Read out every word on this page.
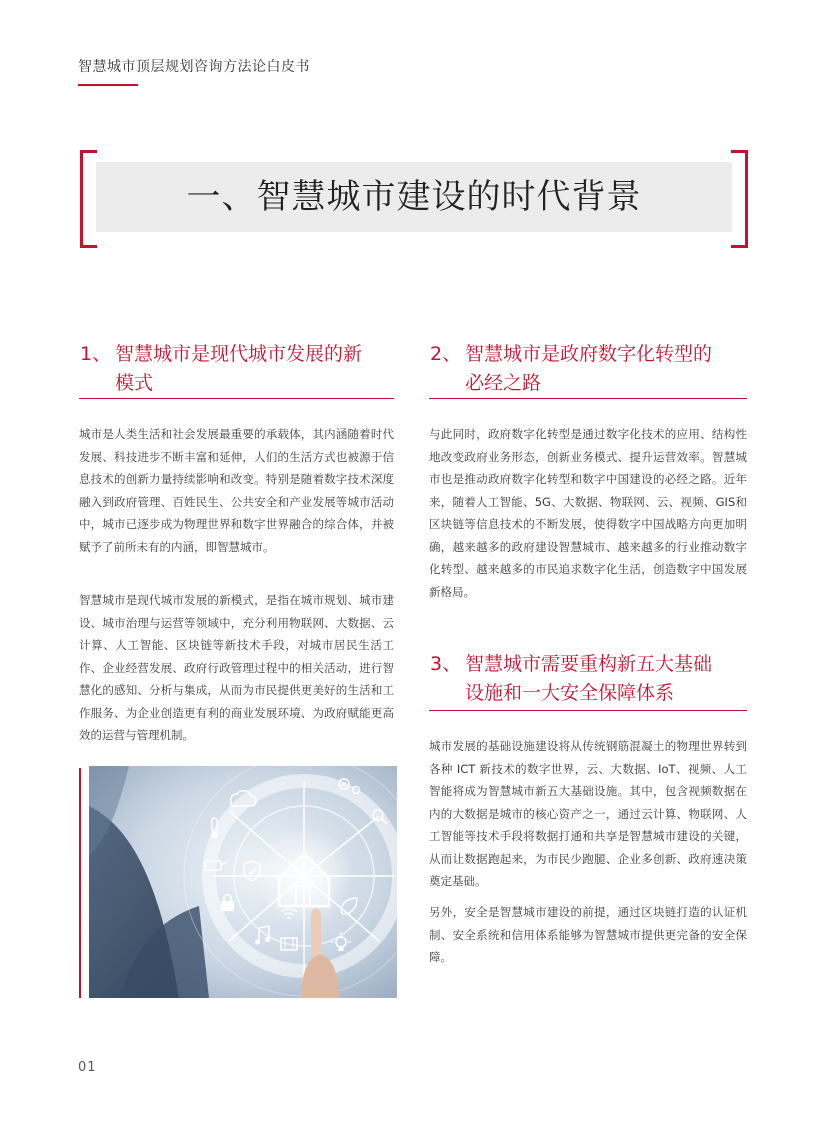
智慧城市顶层规划咨询方法论白皮书
一、智慧城市建设的时代背景
1、 智慧城市是现代城市发展的新
模式

城市是人类生活和社会发展最重要的承载体，其内涵随着时代发展、科技进步不断丰富和延伸，人们的生活方式也被源于信息技术的创新力量持续影响和改变。特别是随着数字技术深度融入到政府管理、百姓民生、公共安全和产业发展等城市活动中，城市已逐步成为物理世界和数字世界融合的综合体，并被赋予了前所未有的内涵，即智慧城市。

智慧城市是现代城市发展的新模式，是指在城市规划、城市建设、城市治理与运营等领域中，充分利用物联网、大数据、云计算、人工智能、区块链等新技术手段，对城市居民生活工作、企业经营发展、政府行政管理过程中的相关活动，进行智慧化的感知、分析与集成，从而为市民提供更美好的生活和工作服务、为企业创造更有利的商业发展环境、为政府赋能更高效的运营与管理机制。

2、 智慧城市是政府数字化转型的
必经之路

与此同时，政府数字化转型是通过数字化技术的应用、结构性地改变政府业务形态，创新业务模式、提升运营效率。智慧城市也是推动政府数字化转型和数字中国建设的必经之路。近年来，随着人工智能、5G、大数据、物联网、云、视频、GIS和区块链等信息技术的不断发展，使得数字中国战略方向更加明确，越来越多的政府建设智慧城市、越来越多的行业推动数字化转型、越来越多的市民追求数字化生活，创造数字中国发展新格局。

3、 智慧城市需要重构新五大基础
设施和一大安全保障体系

城市发展的基础设施建设将从传统钢筋混凝土的物理世界转到各种 ICT 新技术的数字世界，云、大数据、IoT、视频、人工智能将成为智慧城市新五大基础设施。其中，包含视频数据在内的大数据是城市的核心资产之一，通过云计算、物联网、人工智能等技术手段将数据打通和共享是智慧城市建设的关键，从而让数据跑起来，为市民少跑腿、企业多创新、政府速决策奠定基础。

另外，安全是智慧城市建设的前提，通过区块链打造的认证机制、安全系统和信用体系能够为智慧城市提供更完备的安全保障。

01
